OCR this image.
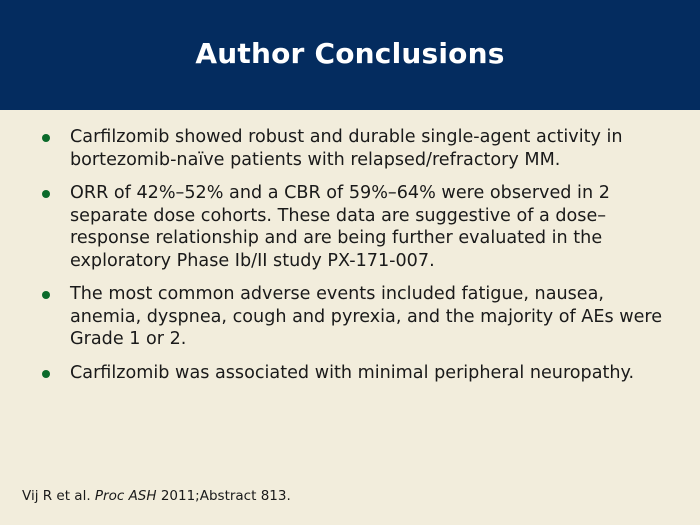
Author Conclusions
Carfilzomib showed robust and durable single-agent activity in bortezomib-naïve patients with relapsed/refractory MM.
ORR of 42%–52% and a CBR of 59%–64% were observed in 2 separate dose cohorts. These data are suggestive of a dose–response relationship and are being further evaluated in the exploratory Phase Ib/II study PX-171-007.
The most common adverse events included fatigue, nausea, anemia, dyspnea, cough and pyrexia, and the majority of AEs were Grade 1 or 2.
Carfilzomib was associated with minimal peripheral neuropathy.
Vij R et al. Proc ASH 2011;Abstract 813.
